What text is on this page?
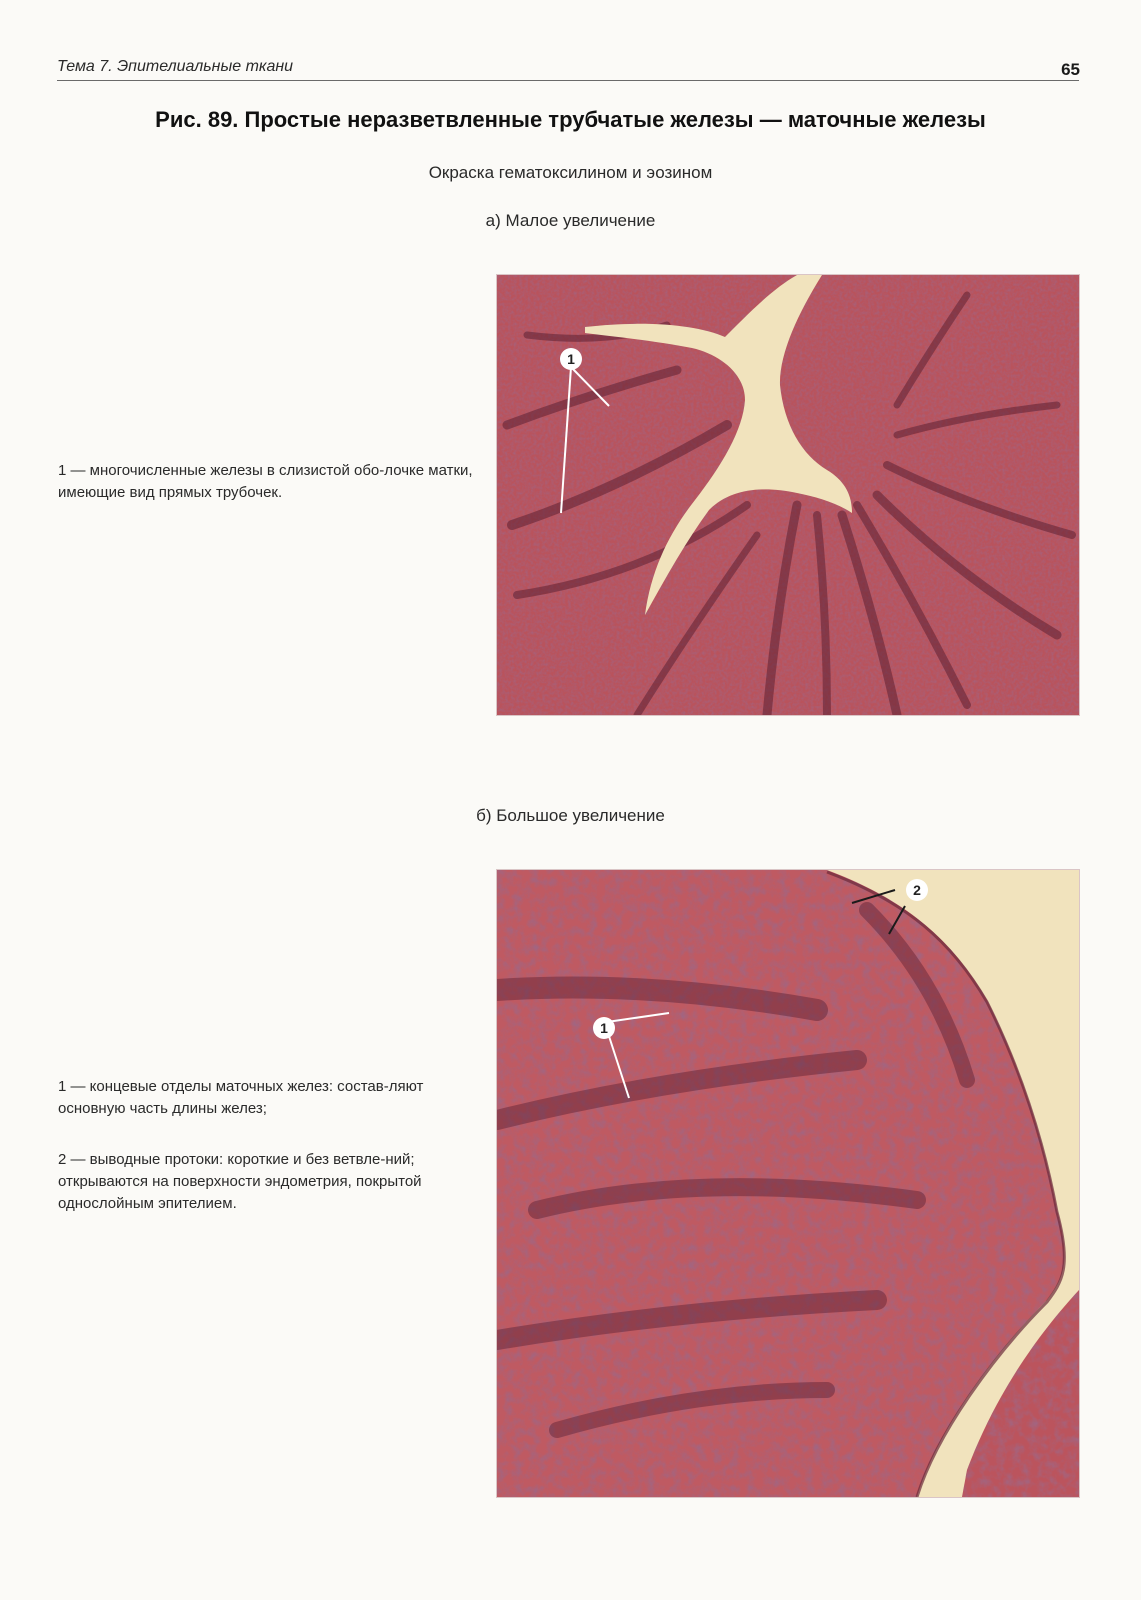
Тема 7. Эпителиальные ткани	65
Рис. 89. Простые неразветвленные трубчатые железы — маточные железы
Окраска гематоксилином и эозином
а) Малое увеличение
б) Большое увеличение
1 — многочисленные железы в слизистой обо-лочке матки, имеющие вид прямых трубочек.
1 — концевые отделы маточных желез: состав-ляют основную часть длины желез;
2 — выводные протоки: короткие и без ветвле-ний; открываются на поверхности эндометрия, покрытой однослойным эпителием.
1
2
1
